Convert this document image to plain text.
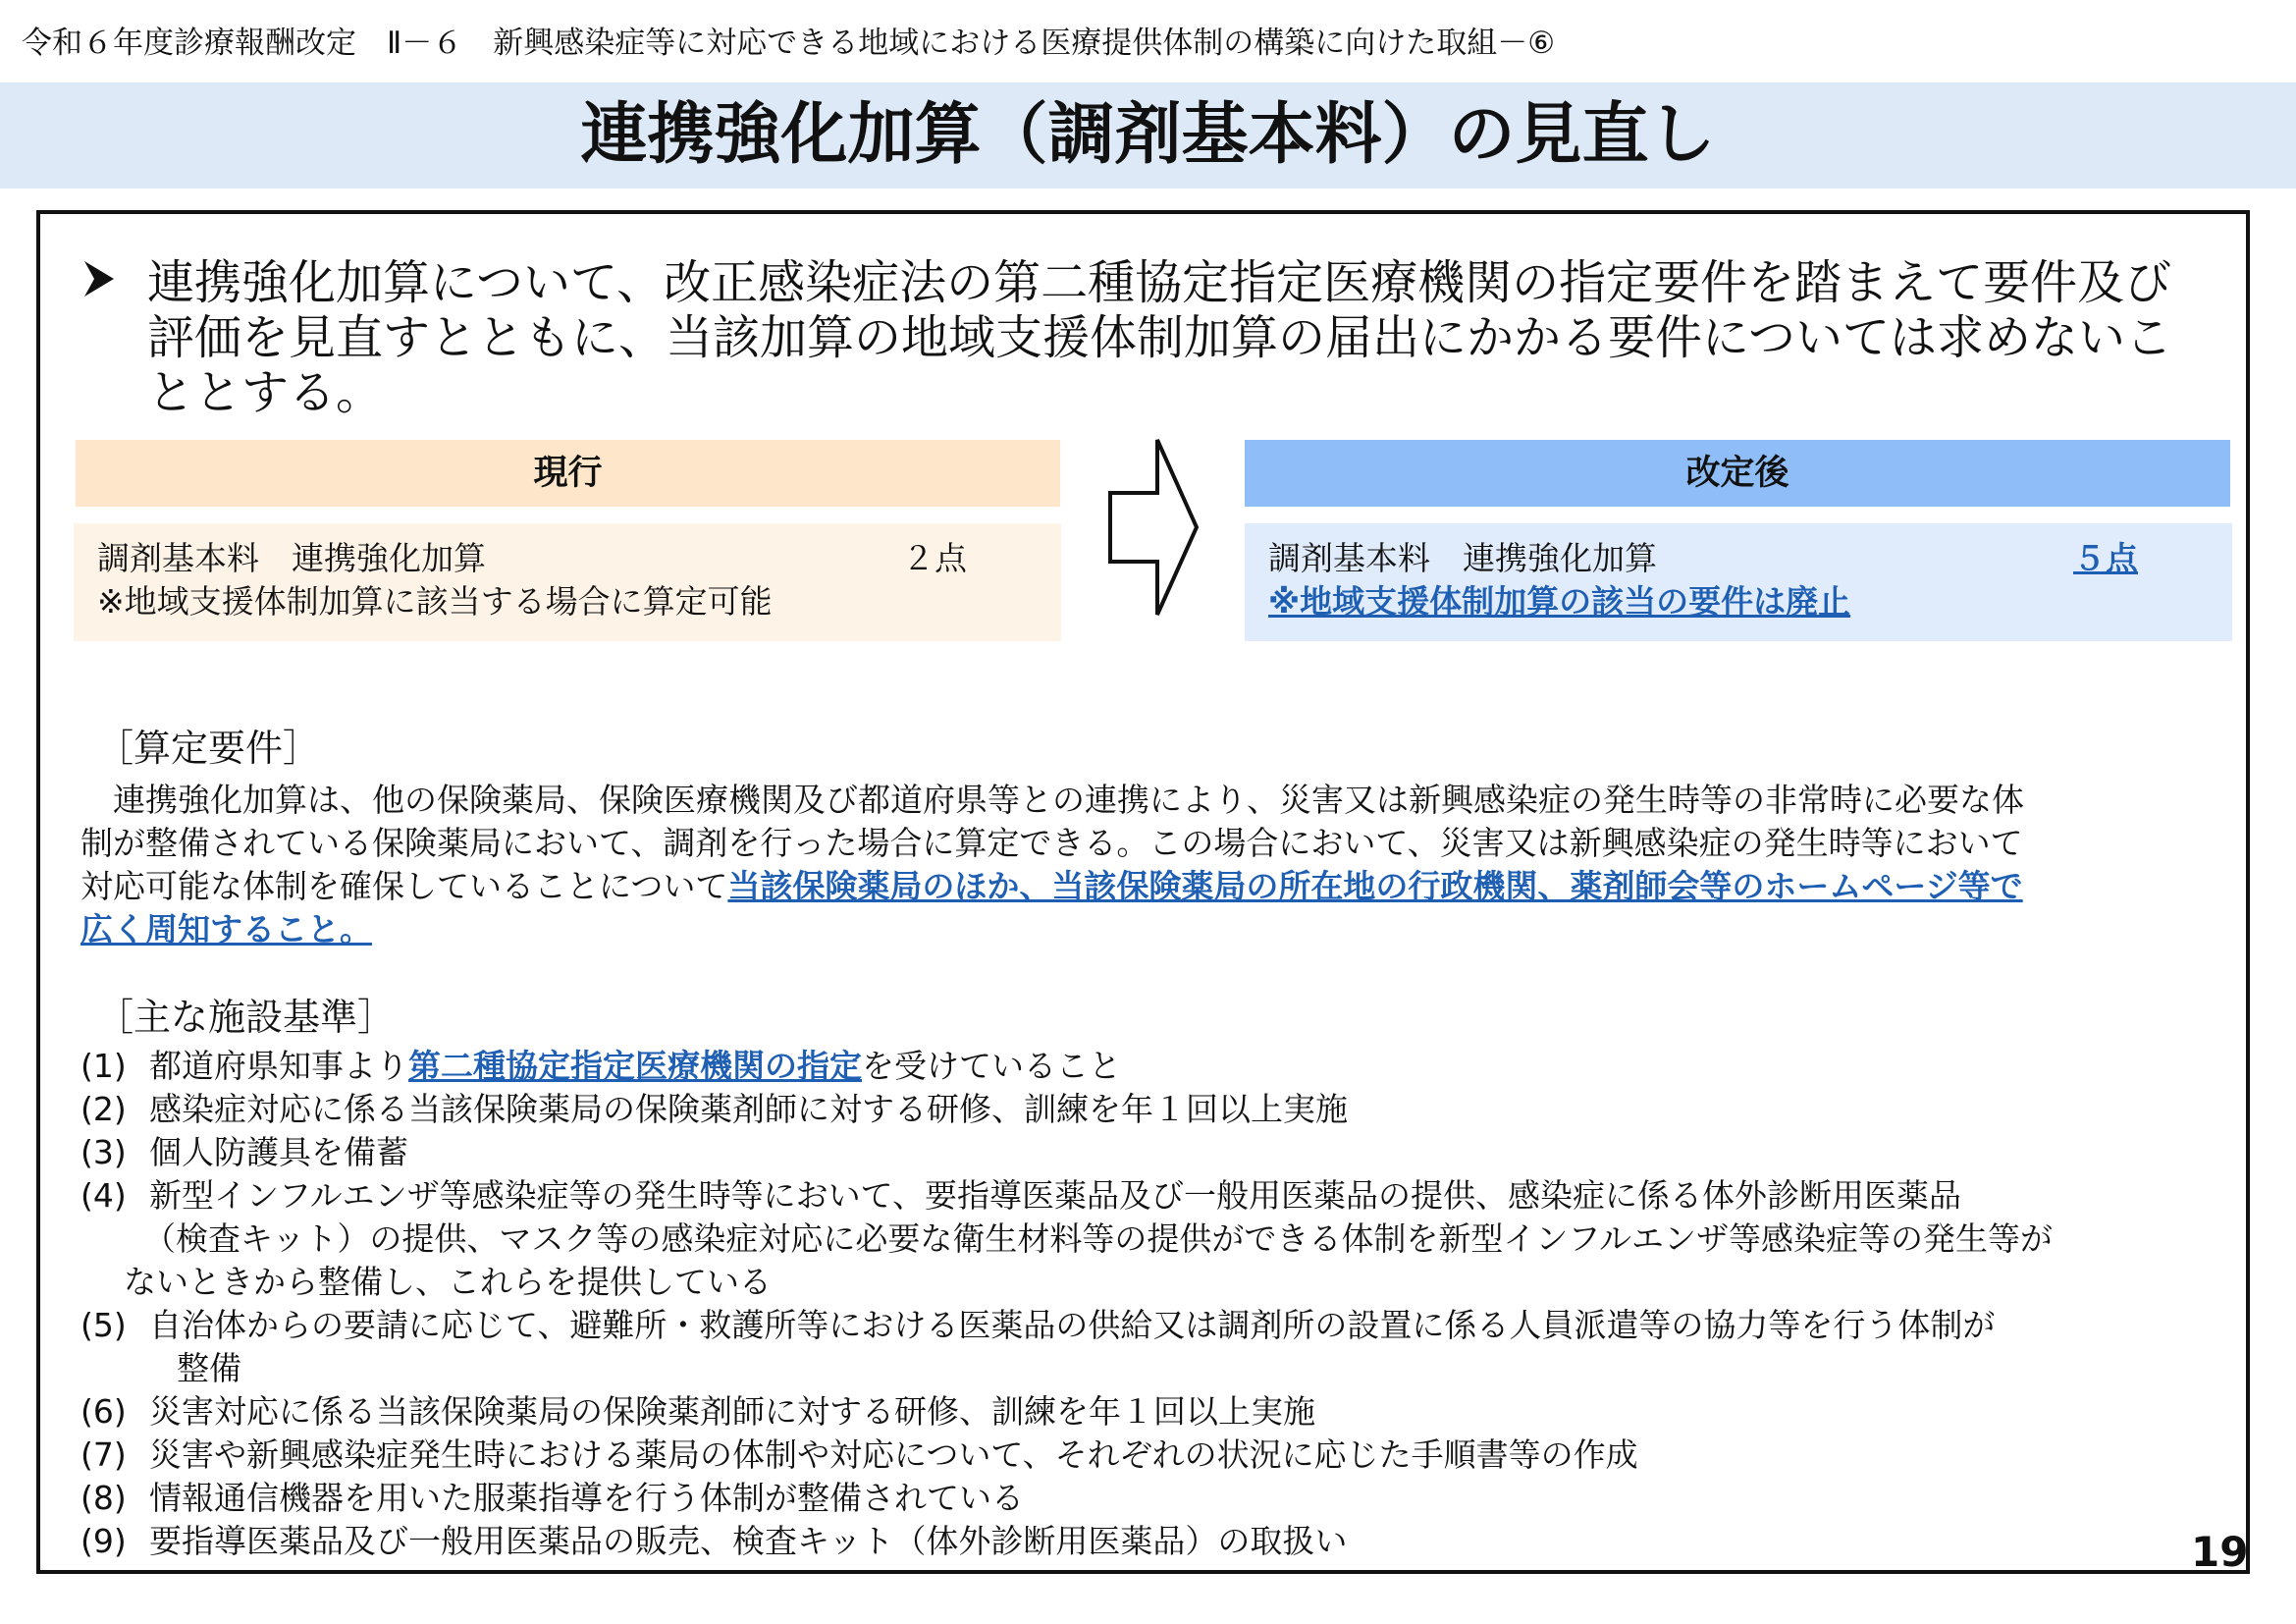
令和６年度診療報酬改定　Ⅱ－６　新興感染症等に対応できる地域における医療提供体制の構築に向けた取組－⑥
連携強化加算（調剤基本料）の見直し
連携強化加算について、改正感染症法の第二種協定指定医療機関の指定要件を踏まえて要件及び評価を見直すとともに、当該加算の地域支援体制加算の届出にかかる要件については求めないこととする。
現行
調剤基本料　連携強化加算	２点
※地域支援体制加算に該当する場合に算定可能
改定後
調剤基本料　連携強化加算	５点
※地域支援体制加算の該当の要件は廃止
［算定要件］
　連携強化加算は、他の保険薬局、保険医療機関及び都道府県等との連携により、災害又は新興感染症の発生時等の非常時に必要な体
制が整備されている保険薬局において、調剤を行った場合に算定できる。この場合において、災害又は新興感染症の発生時等において
対応可能な体制を確保していることについて当該保険薬局のほか、当該保険薬局の所在地の行政機関、薬剤師会等のホームページ等で
広く周知すること。
［主な施設基準］
(1) 都道府県知事より第二種協定指定医療機関の指定を受けていること
(2) 感染症対応に係る当該保険薬局の保険薬剤師に対する研修、訓練を年１回以上実施
(3) 個人防護具を備蓄
(4) 新型インフルエンザ等感染症等の発生時等において、要指導医薬品及び一般用医薬品の提供、感染症に係る体外診断用医薬品
（検査キット）の提供、マスク等の感染症対応に必要な衛生材料等の提供ができる体制を新型インフルエンザ等感染症等の発生等が
ないときから整備し、これらを提供している
(5) 自治体からの要請に応じて、避難所・救護所等における医薬品の供給又は調剤所の設置に係る人員派遣等の協力等を行う体制が
整備
(6) 災害対応に係る当該保険薬局の保険薬剤師に対する研修、訓練を年１回以上実施
(7) 災害や新興感染症発生時における薬局の体制や対応について、それぞれの状況に応じた手順書等の作成
(8) 情報通信機器を用いた服薬指導を行う体制が整備されている
(9) 要指導医薬品及び一般用医薬品の販売、検査キット（体外診断用医薬品）の取扱い	19
